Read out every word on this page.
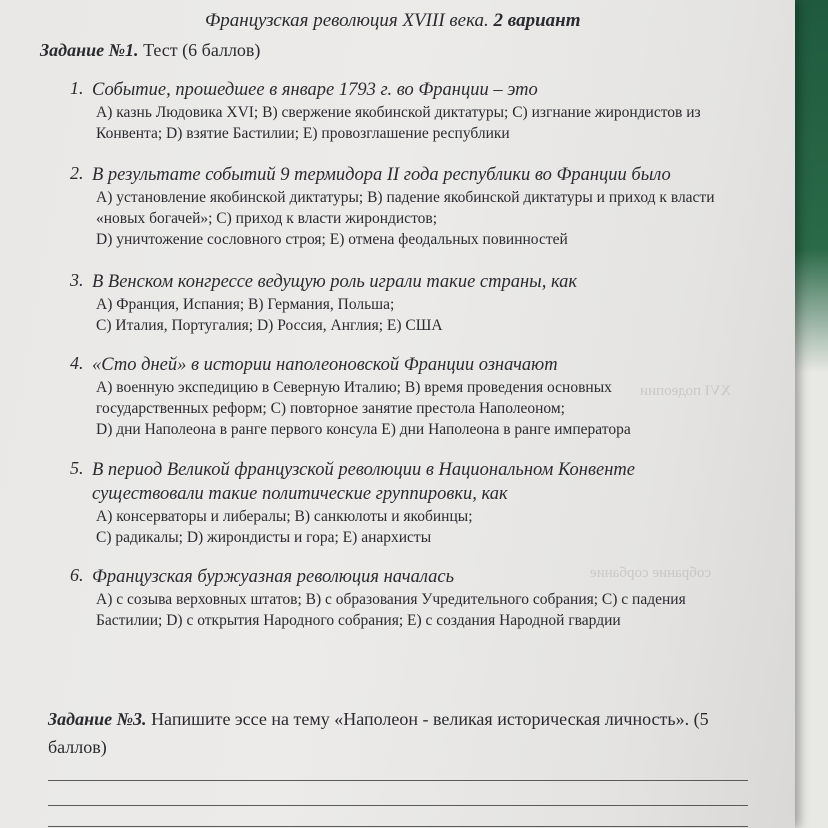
XVI подеопии
собрание сорбание
Французская революция XVIII века. 2 вариант
Задание №1. Тест (6 баллов)
1. Событие, прошедшее в январе 1793 г. во Франции – это
А) казнь Людовика XVI; В) свержение якобинской диктатуры; С) изгнание жирондистов из
Конвента; D) взятие Бастилии; Е) провозглашение республики
2. В результате событий 9 термидора II года республики во Франции было
А) установление якобинской диктатуры; В) падение якобинской диктатуры и приход к власти
«новых богачей»; С) приход к власти жирондистов;
D) уничтожение сословного строя; Е) отмена феодальных повинностей
3. В Венском конгрессе ведущую роль играли такие страны, как
А) Франция, Испания; В) Германия, Польша;
С) Италия, Португалия; D) Россия, Англия; Е) США
4. «Сто дней» в истории наполеоновской Франции означают
А) военную экспедицию в Северную Италию; В) время проведения основных
государственных реформ; С) повторное занятие престола Наполеоном;
D) дни Наполеона в ранге первого консула Е) дни Наполеона в ранге императора
5. В период Великой французской революции в Национальном Конвенте существовали такие политические группировки, как
А) консерваторы и либералы; В) санкюлоты и якобинцы;
С) радикалы; D) жирондисты и гора; Е) анархисты
6. Французская буржуазная революция началась
А) с созыва верховных штатов; В) с образования Учредительного собрания; С) с падения
Бастилии; D) с открытия Народного собрания; Е) с создания Народной гвардии
Задание №3. Напишите эссе на тему «Наполеон - великая историческая личность». (5 баллов)
